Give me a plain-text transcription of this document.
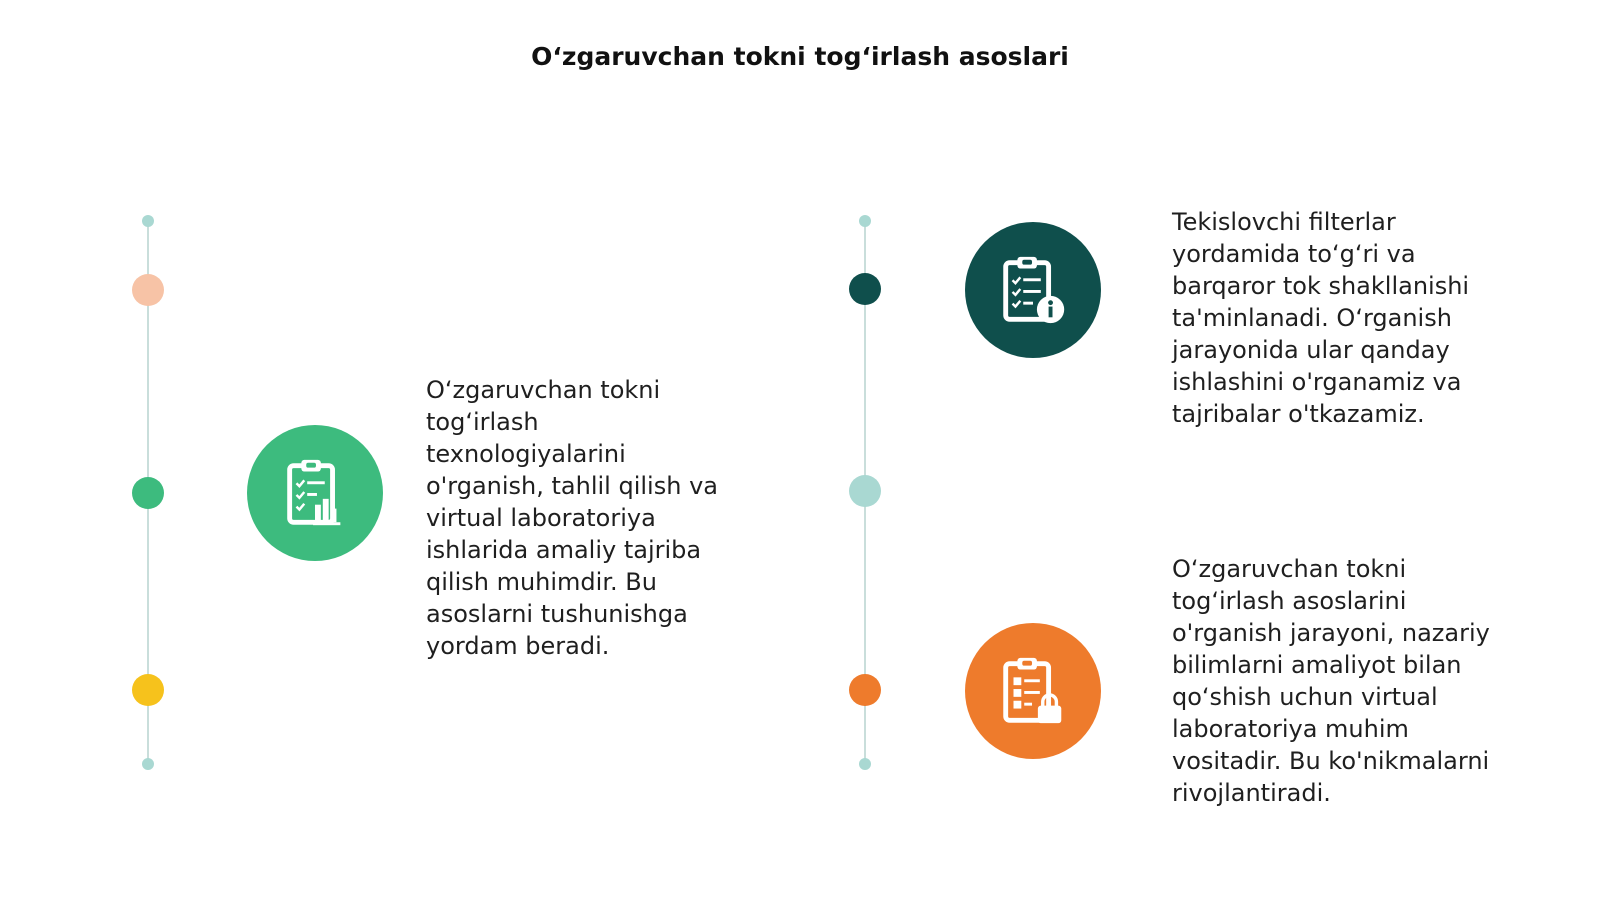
O‘zgaruvchan tokni tog‘irlash asoslari
O‘zgaruvchan tokni
tog‘irlash
texnologiyalarini
o'rganish, tahlil qilish va
virtual laboratoriya
ishlarida amaliy tajriba
qilish muhimdir. Bu
asoslarni tushunishga
yordam beradi.
Tekislovchi filterlar
yordamida to‘g‘ri va
barqaror tok shakllanishi
ta'minlanadi. O‘rganish
jarayonida ular qanday
ishlashini o'rganamiz va
tajribalar o'tkazamiz.
O‘zgaruvchan tokni
tog‘irlash asoslarini
o'rganish jarayoni, nazariy
bilimlarni amaliyot bilan
qo‘shish uchun virtual
laboratoriya muhim
vositadir. Bu ko'nikmalarni
rivojlantiradi.
